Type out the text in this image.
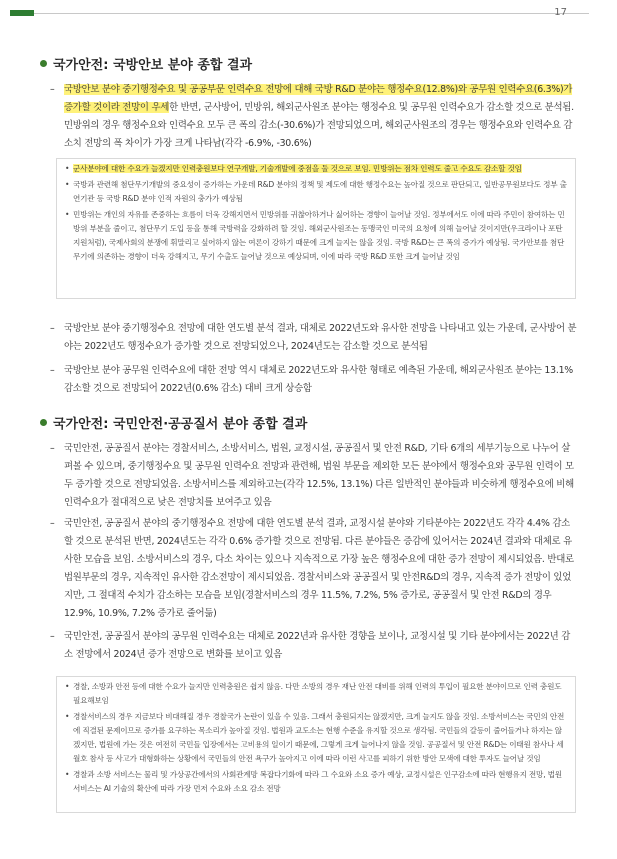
17
국가안전: 국방안보 분야 종합 결과
– 국방안보 분야 중기행정수요 및 공공부문 인력수요 전망에 대해 국방 R&D 분야는 행정수요(12.8%)와 공무원 인력수요(6.3%)가 증가할 것이라 전망이 우세한 반면, 군사방어, 민방위, 해외군사원조 분야는 행정수요 및 공무원 인력수요가 감소할 것으로 분석됨. 민방위의 경우 행정수요와 인력수요 모두 큰 폭의 감소(-30.6%)가 전망되었으며, 해외군사원조의 경우는 행정수요와 인력수요 감소치 전망의 폭 차이가 가장 크게 나타남(각각 -6.9%, -30.6%)
• 군사분야에 대한 수요가 늘겠지만 인력충원보다 연구개발, 기술개발에 중점을 둘 것으로 보임. 민방위는 점차 인력도 줄고 수요도 감소할 것임
• 국방과 관련해 첨단무기개발의 중요성이 증가하는 가운데 R&D 분야의 정책 및 제도에 대한 행정수요는 높아질 것으로 판단되고, 일반공무원보다도 정부 출연기관 등 국방 R&D 분야 인적 자원의 충가가 예상됨
• 민방위는 개인의 자유를 존중하는 흐름이 더욱 강해지면서 민방위를 귀찮아하거나 싫어하는 경향이 늘어날 것임. 정부에서도 이에 따라 주민이 참여하는 민방위 부분을 줄이고, 첨단무기 도입 등을 통해 국방력을 강화하려 할 것임. 해외군사원조는 동맹국인 미국의 요청에 의해 늘어날 것이지만(우크라이나 포탄 지원처럼), 국제사회의 분쟁에 휘말리고 싶어하지 않는 여론이 강하기 때문에 크게 늘지는 않을 것임. 국방 R&D는 큰 폭의 증가가 예상됨. 국가안보를 첨단무기에 의존하는 경향이 더욱 강해지고, 무기 수출도 늘어날 것으로 예상되며, 이에 따라 국방 R&D 또한 크게 늘어날 것임
– 국방안보 분야 중기행정수요 전망에 대한 연도별 분석 결과, 대체로 2022년도와 유사한 전망을 나타내고 있는 가운데, 군사방어 분야는 2022년도 행정수요가 증가할 것으로 전망되었으나, 2024년도는 감소할 것으로 분석됨
– 국방안보 분야 공무원 인력수요에 대한 전망 역시 대체로 2022년도와 유사한 형태로 예측된 가운데, 해외군사원조 분야는 13.1% 감소할 것으로 전망되어 2022년(0.6% 감소) 대비 크게 상승함
국가안전: 국민안전·공공질서 분야 종합 결과
– 국민안전, 공공질서 분야는 경찰서비스, 소방서비스, 법원, 교정시설, 공공질서 및 안전 R&D, 기타 6개의 세부기능으로 나누어 살펴볼 수 있으며, 중기행정수요 및 공무원 인력수요 전망과 관련해, 법원 부문을 제외한 모든 분야에서 행정수요와 공무원 인력이 모두 증가할 것으로 전망되었음. 소방서비스를 제외하고는(각각 12.5%, 13.1%) 다른 일반적인 분야들과 비슷하게 행정수요에 비해 인력수요가 절대적으로 낮은 전망치를 보여주고 있음
– 국민안전, 공공질서 분야의 중기행정수요 전망에 대한 연도별 분석 결과, 교정시설 분야와 기타분야는 2022년도 각각 4.4% 감소할 것으로 분석된 반면, 2024년도는 각각 0.6% 증가할 것으로 전망됨. 다른 분야들은 증감에 있어서는 2024년 결과와 대체로 유사한 모습을 보임. 소방서비스의 경우, 다소 차이는 있으나 지속적으로 가장 높은 행정수요에 대한 증가 전망이 제시되었음. 반대로 법원부문의 경우, 지속적인 유사한 감소전망이 제시되었음. 경찰서비스와 공공질서 및 안전R&D의 경우, 지속적 증가 전망이 있었지만, 그 절대적 수치가 감소하는 모습을 보임(경찰서비스의 경우 11.5%, 7.2%, 5% 증가로, 공공질서 및 안전 R&D의 경우 12.9%, 10.9%, 7.2% 증가로 줄어듦)
– 국민안전, 공공질서 분야의 공무원 인력수요는 대체로 2022년과 유사한 경향을 보이나, 교정시설 및 기타 분야에서는 2022년 감소 전망에서 2024년 증가 전망으로 변화를 보이고 있음
• 경찰, 소방과 안전 등에 대한 수요가 늘지만 인력충원은 쉽지 않음. 다만 소방의 경우 재난 안전 대비를 위해 인력의 투입이 필요한 분야이므로 인력 충원도 필요해보임
• 경찰서비스의 경우 지금보다 비대해질 경우 경찰국가 논란이 있을 수 있음. 그래서 충원되지는 않겠지만, 크게 늘지도 않을 것임. 소방서비스는 국민의 안전에 직결된 문제이므로 증가를 요구하는 목소리가 높아질 것임. 법원과 교도소는 현행 수준을 유지할 것으로 생각됨. 국민들의 갈등이 줄어들거나 하지는 않겠지만, 법원에 가는 것은 여전히 국민들 입장에서는 고비용의 일이기 때문에, 그렇게 크게 늘어나지 않을 것임. 공공질서 및 안전 R&D는 이태원 참사나 세월호 참사 등 사고가 대형화하는 상황에서 국민들의 안전 욕구가 높아지고 이에 따라 이런 사고를 피하기 위한 방안 모색에 대한 투자도 늘어날 것임
• 경찰과 소방 서비스는 물리 및 가상공간에서의 사회관계망 복잡다기화에 따라 그 수요와 소요 증가 예상, 교정시설은 인구감소에 따라 현행유지 전망, 법원 서비스는 AI 기술의 확산에 따라 가장 먼저 수요와 소요 감소 전망
